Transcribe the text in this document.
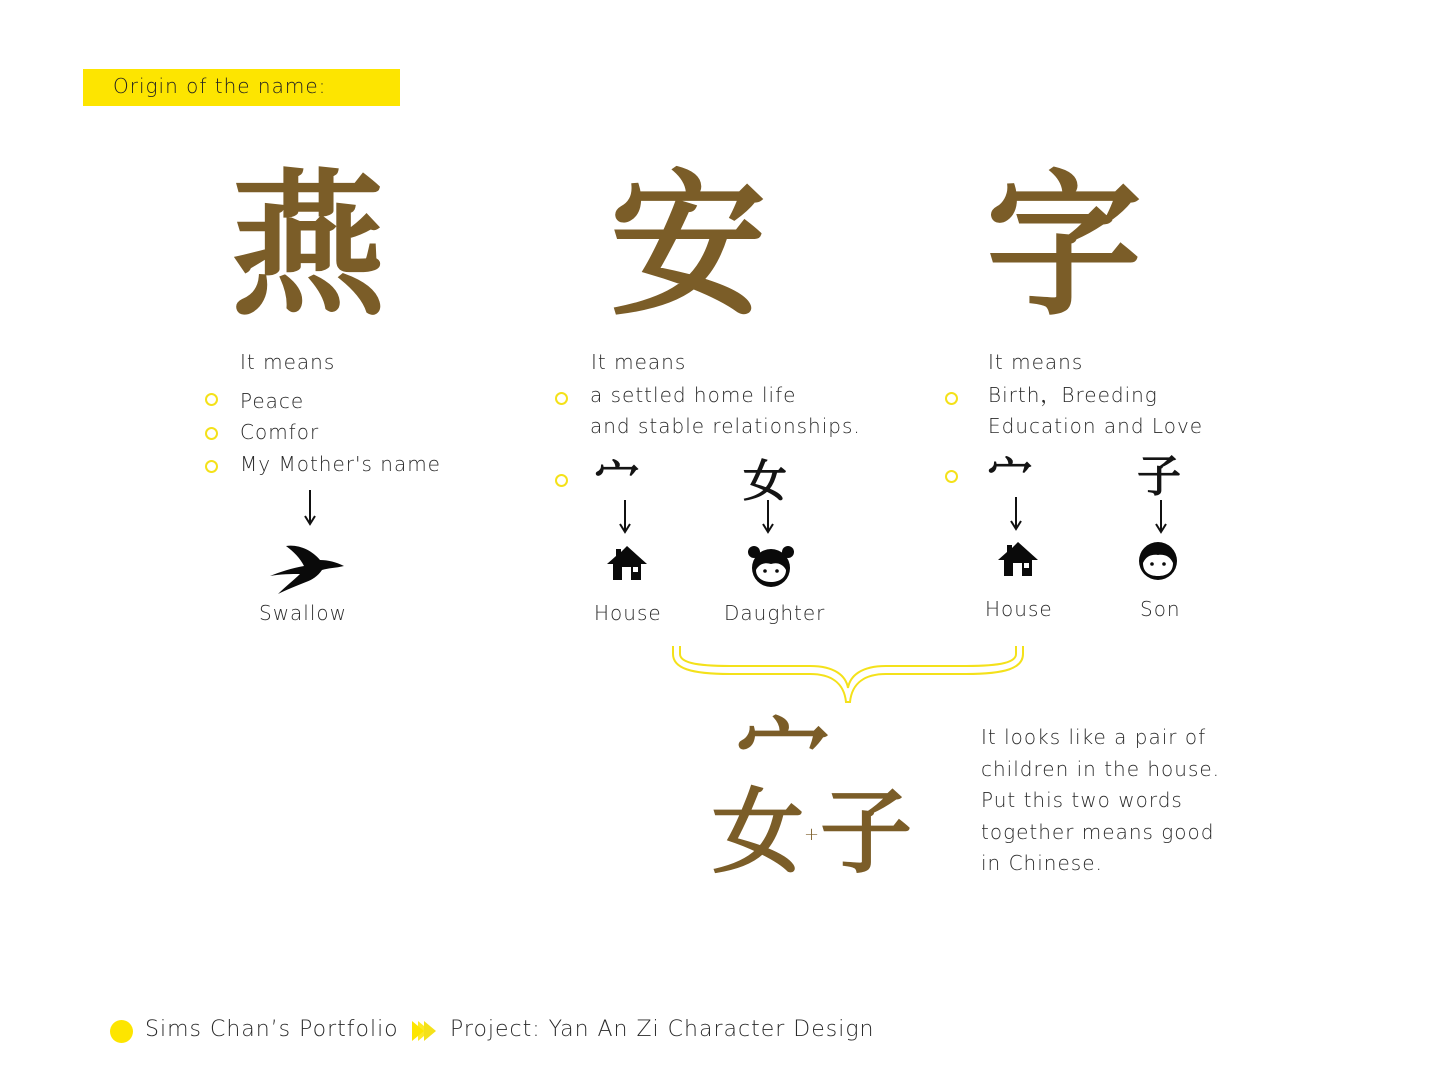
Origin of the name:
燕
It means
Peace
Comfor
My Mother's name
Swallow
安
It means
a settled home life
and stable relationships.
宀
House
女
Daughter
字
It means
Birth，Breeding
Education and Love
宀
House
子
Son
宀
女 + 子
It looks like a pair of
children in the house.
Put this two words
together means good
in Chinese.
Sims Chan’s Portfolio Project: Yan An Zi Character Design
